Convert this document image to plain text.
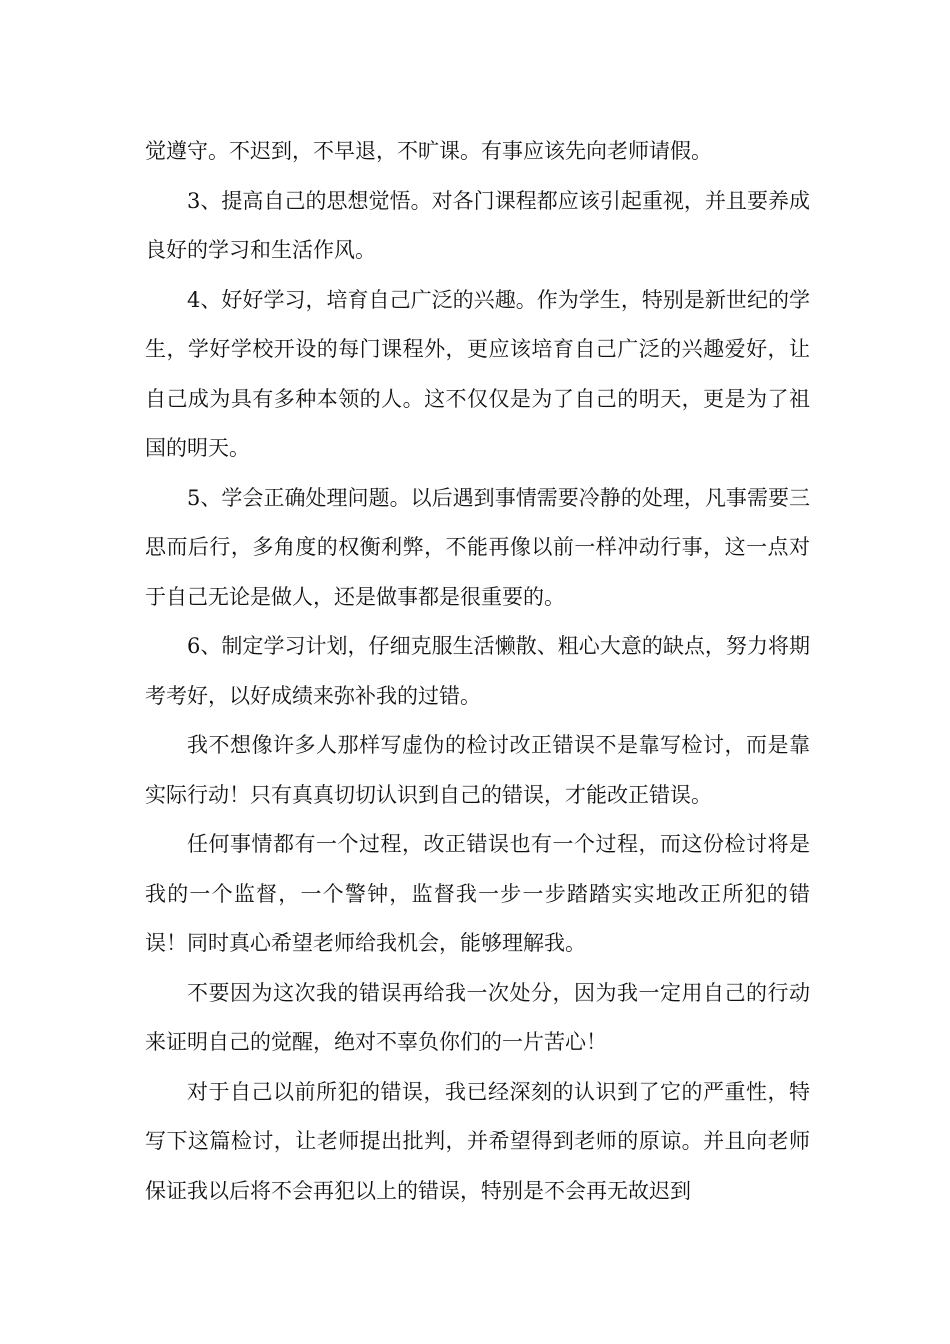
觉遵守。不迟到，不早退，不旷课。有事应该先向老师请假。

3、提高自己的思想觉悟。对各门课程都应该引起重视，并且要养成良好的学习和生活作风。

4、好好学习，培育自己广泛的兴趣。作为学生，特别是新世纪的学生，学好学校开设的每门课程外，更应该培育自己广泛的兴趣爱好，让自己成为具有多种本领的人。这不仅仅是为了自己的明天，更是为了祖国的明天。

5、学会正确处理问题。以后遇到事情需要冷静的处理，凡事需要三思而后行，多角度的权衡利弊，不能再像以前一样冲动行事，这一点对于自己无论是做人，还是做事都是很重要的。

6、制定学习计划，仔细克服生活懒散、粗心大意的缺点，努力将期考考好，以好成绩来弥补我的过错。

我不想像许多人那样写虚伪的检讨改正错误不是靠写检讨，而是靠实际行动！只有真真切切认识到自己的错误，才能改正错误。

任何事情都有一个过程，改正错误也有一个过程，而这份检讨将是我的一个监督，一个警钟，监督我一步一步踏踏实实地改正所犯的错误！同时真心希望老师给我机会，能够理解我。

不要因为这次我的错误再给我一次处分，因为我一定用自己的行动来证明自己的觉醒，绝对不辜负你们的一片苦心！

对于自己以前所犯的错误，我已经深刻的认识到了它的严重性，特写下这篇检讨，让老师提出批判，并希望得到老师的原谅。并且向老师保证我以后将不会再犯以上的错误，特别是不会再无故迟到
